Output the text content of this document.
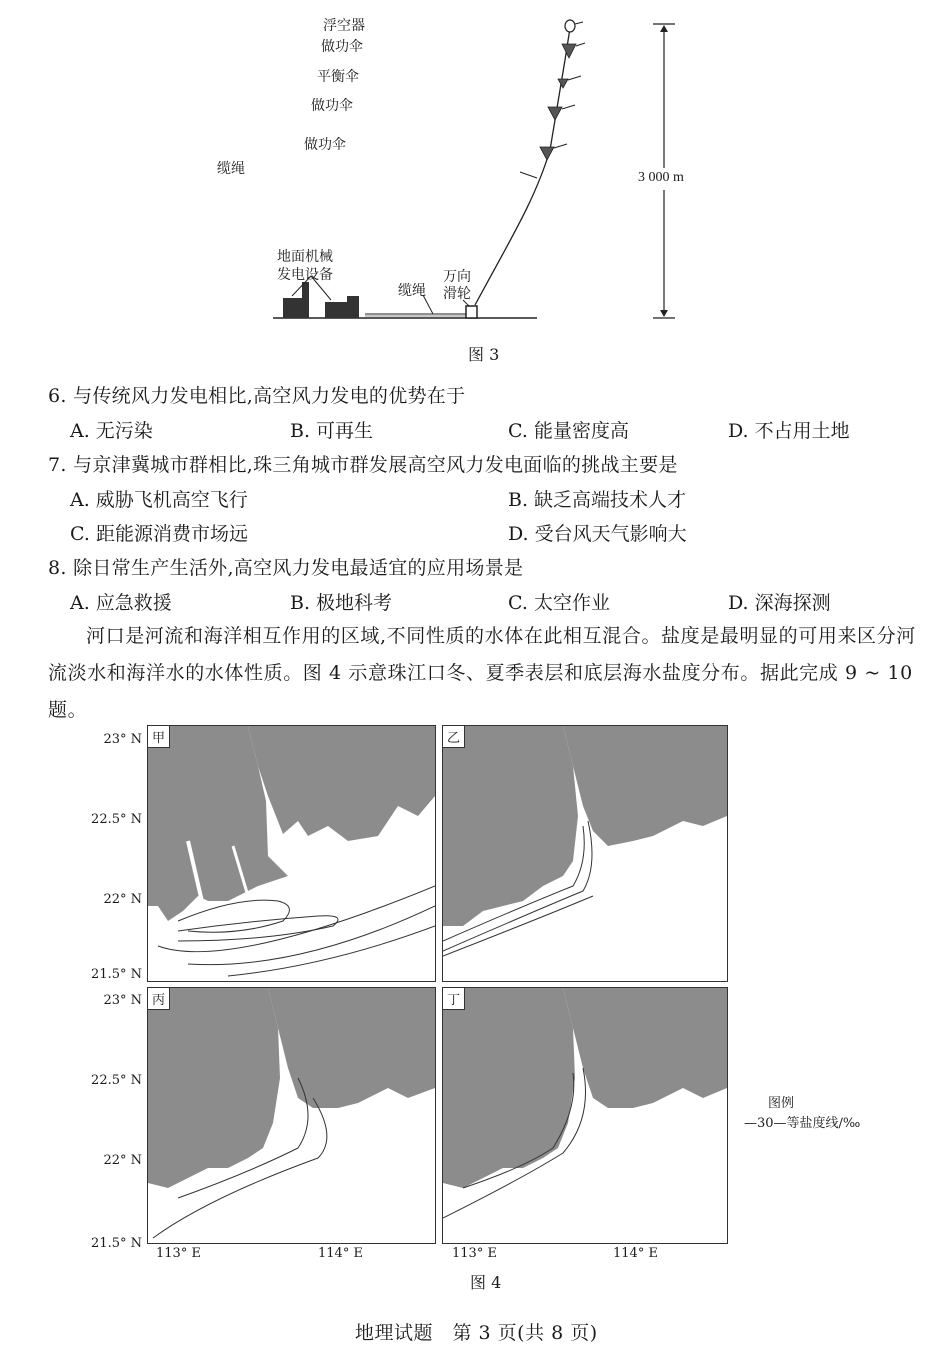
浮空器
做功伞
平衡伞
做功伞
做功伞
缆绳
3 000 m
地面机械
发电设备
缆绳
万向
滑轮
图 3
6. 与传统风力发电相比,高空风力发电的优势在于
A. 无污染	B. 可再生	C. 能量密度高	D. 不占用土地
7. 与京津冀城市群相比,珠三角城市群发展高空风力发电面临的挑战主要是
A. 威胁飞机高空飞行	B. 缺乏高端技术人才
C. 距能源消费市场远	D. 受台风天气影响大
8. 除日常生产生活外,高空风力发电最适宜的应用场景是
A. 应急救援	B. 极地科考	C. 太空作业	D. 深海探测
河口是河流和海洋相互作用的区域,不同性质的水体在此相互混合。盐度是最明显的可用来区分河流淡水和海洋水的水体性质。图 4 示意珠江口冬、夏季表层和底层海水盐度分布。据此完成 9 ~ 10 题。
23° N
22.5° N
22° N
21.5° N
23° N
22.5° N
22° N
21.5° N
甲	乙
丙	丁
113° E	114° E	113° E	114° E
图例
—30—等盐度线/‰
图 4
地理试题　第 3 页(共 8 页)
